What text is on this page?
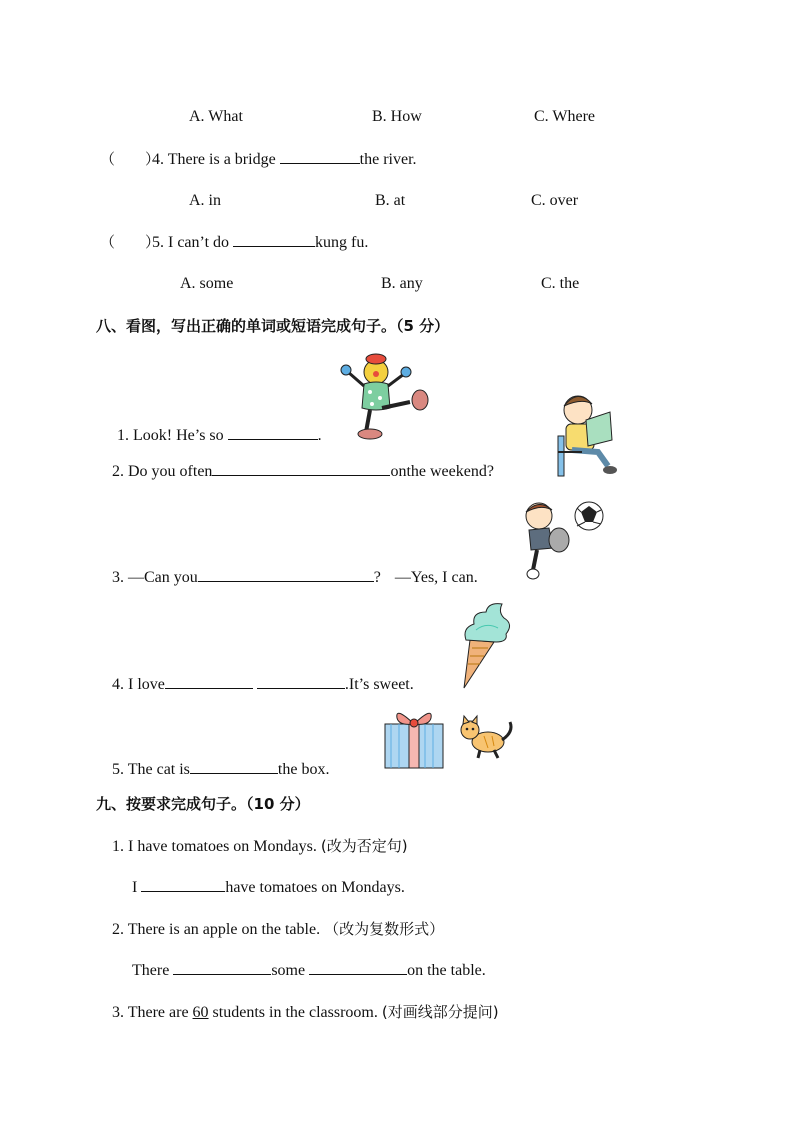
A. What	B. How	C. Where
（　　）4. There is a bridge	the river.
A. in	B. at	C. over
（　　）5. I can’t do	kung fu.
A. some	B. any	C. the
八、看图，写出正确的单词或短语完成句子。（5 分）
1. Look! He’s so	.
2. Do you often	onthe weekend?
3. —Can you	? —Yes, I can.
4. I love	.It’s sweet.
5. The cat is	the box.
九、按要求完成句子。（10 分）
1. I have tomatoes on Mondays. (改为否定句)
I	have tomatoes on Mondays.
2. There is an apple on the table. （改为复数形式）
There	some	on the table.
3. There are 60 students in the classroom. (对画线部分提问)
